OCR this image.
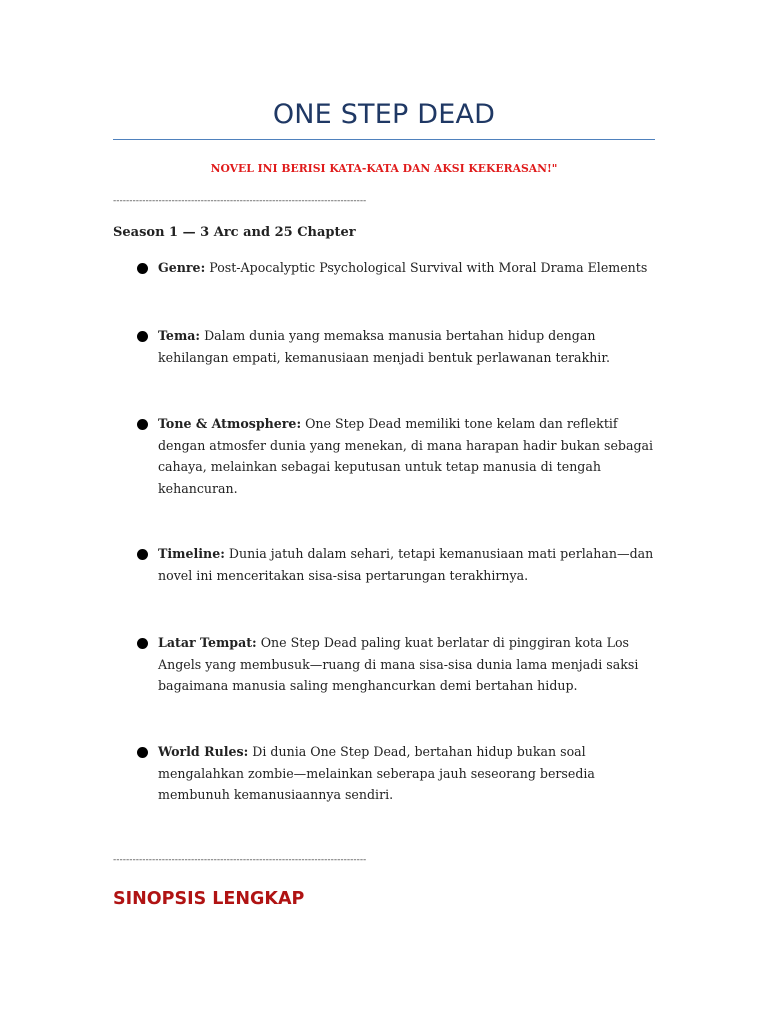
ONE STEP DEAD
NOVEL INI BERISI KATA-KATA DAN AKSI KEKERASAN!"
------------------------------------------------------------------------------
Season 1 — 3 Arc and 25 Chapter
Genre: Post-Apocalyptic Psychological Survival with Moral Drama Elements
Tema: Dalam dunia yang memaksa manusia bertahan hidup dengan kehilangan empati, kemanusiaan menjadi bentuk perlawanan terakhir.
Tone & Atmosphere: One Step Dead memiliki tone kelam dan reflektif dengan atmosfer dunia yang menekan, di mana harapan hadir bukan sebagai cahaya, melainkan sebagai keputusan untuk tetap manusia di tengah kehancuran.
Timeline: Dunia jatuh dalam sehari, tetapi kemanusiaan mati perlahan—dan novel ini menceritakan sisa-sisa pertarungan terakhirnya.
Latar Tempat: One Step Dead paling kuat berlatar di pinggiran kota Los Angels yang membusuk—ruang di mana sisa-sisa dunia lama menjadi saksi bagaimana manusia saling menghancurkan demi bertahan hidup.
World Rules: Di dunia One Step Dead, bertahan hidup bukan soal mengalahkan zombie—melainkan seberapa jauh seseorang bersedia membunuh kemanusiaannya sendiri.
------------------------------------------------------------------------------
SINOPSIS LENGKAP
